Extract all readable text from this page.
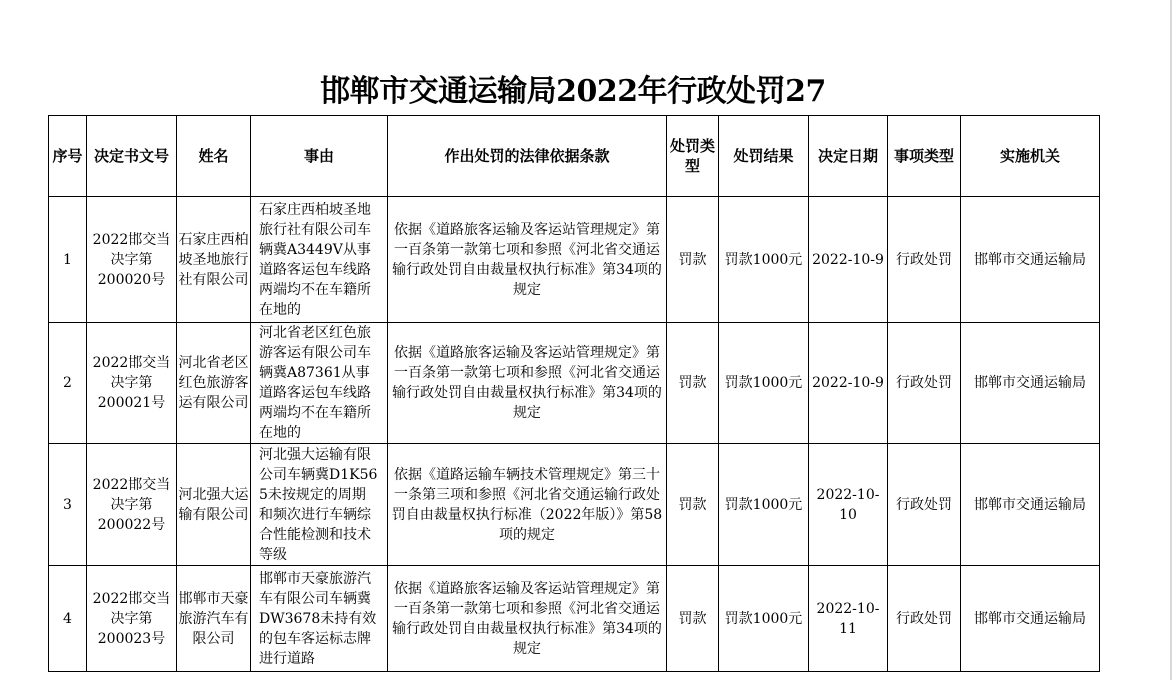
邯郸市交通运输局2022年行政处罚27
序号	决定书文号	姓名	事由	作出处罚的法律依据条款	处罚类型	处罚结果	决定日期	事项类型	实施机关
1	2022邯交当决字第200020号	石家庄西柏坡圣地旅行社有限公司	石家庄西柏坡圣地旅行社有限公司车辆冀A3449V从事道路客运包车线路两端均不在车籍所在地的	依据《道路旅客运输及客运站管理规定》第一百条第一款第七项和参照《河北省交通运输行政处罚自由裁量权执行标准》第34项的规定	罚款	罚款1000元	2022-10-9	行政处罚	邯郸市交通运输局
2	2022邯交当决字第200021号	河北省老区红色旅游客运有限公司	河北省老区红色旅游客运有限公司车辆冀A87361从事道路客运包车线路两端均不在车籍所在地的	依据《道路旅客运输及客运站管理规定》第一百条第一款第七项和参照《河北省交通运输行政处罚自由裁量权执行标准》第34项的规定	罚款	罚款1000元	2022-10-9	行政处罚	邯郸市交通运输局
3	2022邯交当决字第200022号	河北强大运输有限公司	河北强大运输有限公司车辆冀D1K565未按规定的周期和频次进行车辆综合性能检测和技术等级	依据《道路运输车辆技术管理规定》第三十一条第三项和参照《河北省交通运输行政处罚自由裁量权执行标准（2022年版）》第58项的规定	罚款	罚款1000元	2022-10-10	行政处罚	邯郸市交通运输局
4	2022邯交当决字第200023号	邯郸市天豪旅游汽车有限公司	邯郸市天豪旅游汽车有限公司车辆冀DW3678未持有效的包车客运标志牌进行道路	依据《道路旅客运输及客运站管理规定》第一百条第一款第七项和参照《河北省交通运输行政处罚自由裁量权执行标准》第34项的规定	罚款	罚款1000元	2022-10-11	行政处罚	邯郸市交通运输局
